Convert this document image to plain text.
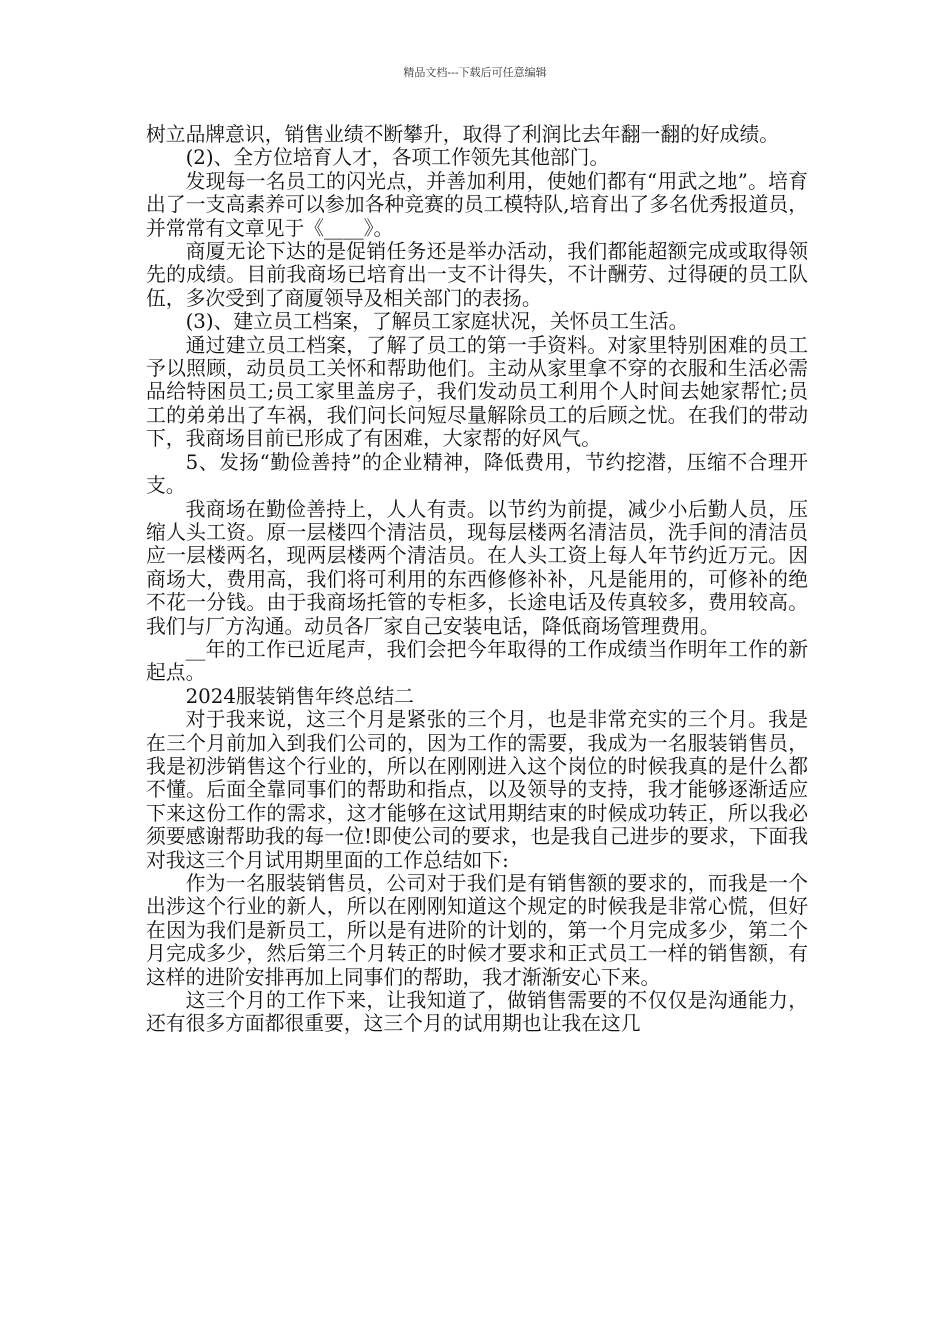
精品文档---下载后可任意编辑

树立品牌意识，销售业绩不断攀升，取得了利润比去年翻一翻的好成绩。

(2)、全方位培育人才，各项工作领先其他部门。

发现每一名员工的闪光点，并善加利用，使她们都有“用武之地”。培育出了一支高素养可以参加各种竞赛的员工模特队,培育出了多名优秀报道员，并常常有文章见于《____》。

商厦无论下达的是促销任务还是举办活动，我们都能超额完成或取得领先的成绩。目前我商场已培育出一支不计得失，不计酬劳、过得硬的员工队伍，多次受到了商厦领导及相关部门的表扬。

(3)、建立员工档案，了解员工家庭状况，关怀员工生活。

通过建立员工档案，了解了员工的第一手资料。对家里特别困难的员工予以照顾，动员员工关怀和帮助他们。主动从家里拿不穿的衣服和生活必需品给特困员工;员工家里盖房子，我们发动员工利用个人时间去她家帮忙;员工的弟弟出了车祸，我们问长问短尽量解除员工的后顾之忧。在我们的带动下，我商场目前已形成了有困难，大家帮的好风气。

5、发扬“勤俭善持”的企业精神，降低费用，节约挖潜，压缩不合理开支。

我商场在勤俭善持上，人人有责。以节约为前提，减少小后勤人员，压缩人头工资。原一层楼四个清洁员，现每层楼两名清洁员，洗手间的清洁员应一层楼两名，现两层楼两个清洁员。在人头工资上每人年节约近万元。因商场大，费用高，我们将可利用的东西修修补补，凡是能用的，可修补的绝不花一分钱。由于我商场托管的专柜多，长途电话及传真较多，费用较高。我们与厂方沟通。动员各厂家自己安装电话，降低商场管理费用。

__年的工作已近尾声，我们会把今年取得的工作成绩当作明年工作的新起点。

2024服装销售年终总结二

对于我来说，这三个月是紧张的三个月，也是非常充实的三个月。我是在三个月前加入到我们公司的，因为工作的需要，我成为一名服装销售员，我是初涉销售这个行业的，所以在刚刚进入这个岗位的时候我真的是什么都不懂。后面全靠同事们的帮助和指点，以及领导的支持，我才能够逐渐适应下来这份工作的需求，这才能够在这试用期结束的时候成功转正，所以我必须要感谢帮助我的每一位!即使公司的要求，也是我自己进步的要求，下面我对我这三个月试用期里面的工作总结如下:

作为一名服装销售员，公司对于我们是有销售额的要求的，而我是一个出涉这个行业的新人，所以在刚刚知道这个规定的时候我是非常心慌，但好在因为我们是新员工，所以是有进阶的计划的，第一个月完成多少，第二个月完成多少，然后第三个月转正的时候才要求和正式员工一样的销售额，有这样的进阶安排再加上同事们的帮助，我才渐渐安心下来。

这三个月的工作下来，让我知道了，做销售需要的不仅仅是沟通能力，还有很多方面都很重要，这三个月的试用期也让我在这几
